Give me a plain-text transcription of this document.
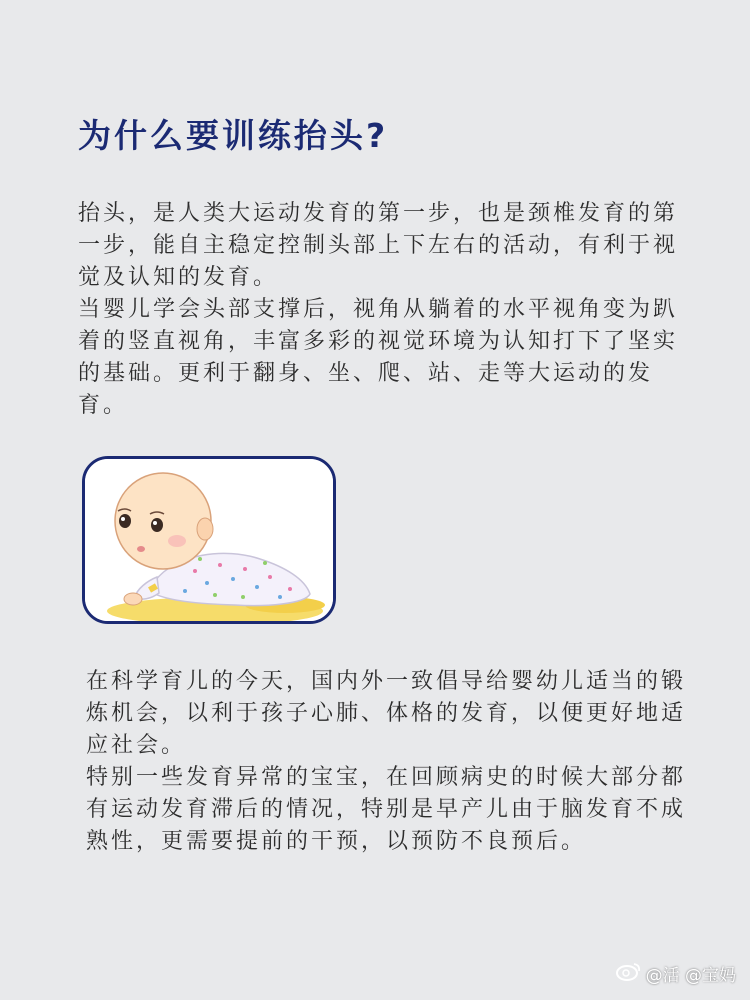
为什么要训练抬头?

抬头，是人类大运动发育的第一步，也是颈椎发育的第一步，能自主稳定控制头部上下左右的活动，有利于视觉及认知的发育。

当婴儿学会头部支撑后，视角从躺着的水平视角变为趴着的竖直视角，丰富多彩的视觉环境为认知打下了坚实的基础。更利于翻身、坐、爬、站、走等大运动的发育。

在科学育儿的今天，国内外一致倡导给婴幼儿适当的锻炼机会，以利于孩子心肺、体格的发育，以便更好地适应社会。

特别一些发育异常的宝宝，在回顾病史的时候大部分都有运动发育滞后的情况，特别是早产儿由于脑发育不成熟性，更需要提前的干预，以预防不良预后。

@活 @宝妈
